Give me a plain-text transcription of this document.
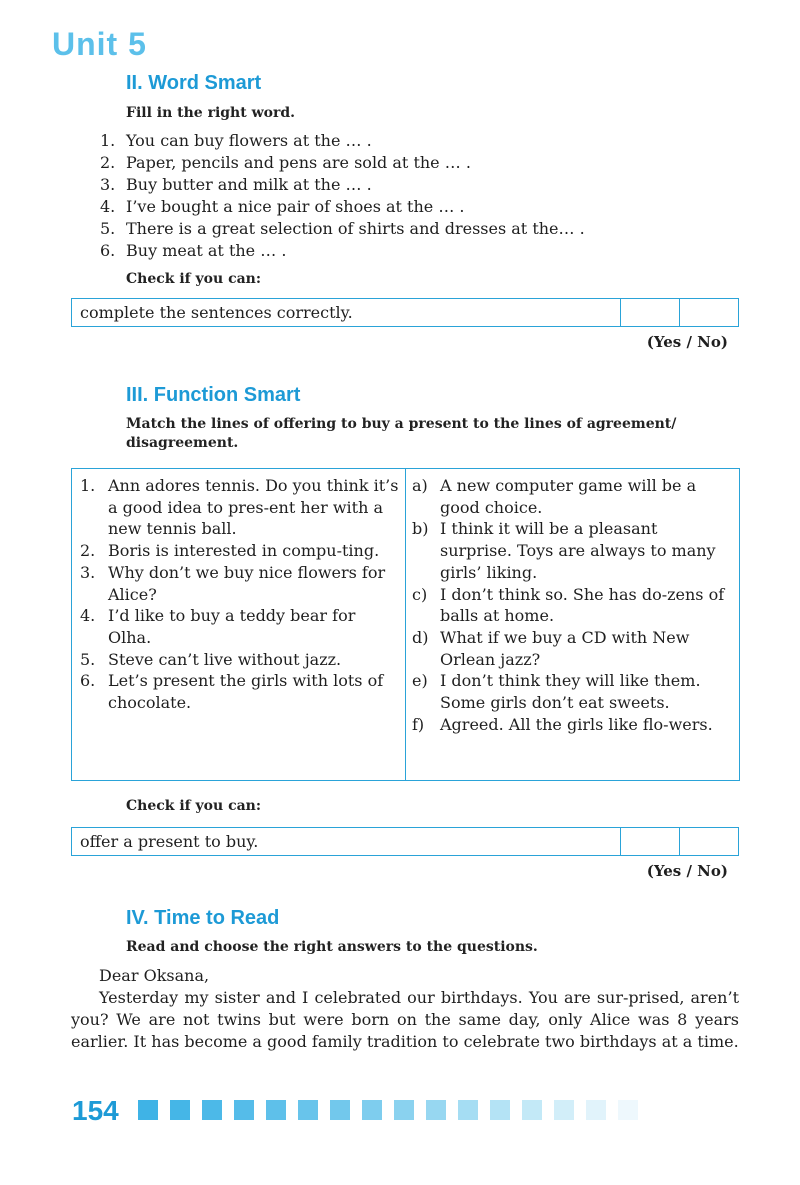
Unit 5
II. Word Smart

Fill in the right word.

1. You can buy flowers at the … .
2. Paper, pencils and pens are sold at the … .
3. Buy butter and milk at the … .
4. I’ve bought a nice pair of shoes at the … .
5. There is a great selection of shirts and dresses at the… .
6. Buy meat at the … .

Check if you can:

complete the sentences correctly.

(Yes / No)

III. Function Smart

Match the lines of offering to buy a present to the lines of agreement/ disagreement.

1. Ann adores tennis. Do you think it’s a good idea to pres-ent her with a new tennis ball.
2. Boris is interested in compu-ting.
3. Why don’t we buy nice flowers for Alice?
4. I’d like to buy a teddy bear for Olha.
5. Steve can’t live without jazz.
6. Let’s present the girls with lots of chocolate.
a) A new computer game will be a good choice.
b) I think it will be a pleasant surprise. Toys are always to many girls’ liking.
c) I don’t think so. She has do-zens of balls at home.
d) What if we buy a CD with New Orlean jazz?
e) I don’t think they will like them. Some girls don’t eat sweets.
f) Agreed. All the girls like flo-wers.

Check if you can:

offer a present to buy.

(Yes / No)

IV. Time to Read

Read and choose the right answers to the questions.

Dear Oksana,

Yesterday my sister and I celebrated our birthdays. You are sur-prised, aren’t you? We are not twins but were born on the same day, only Alice was 8 years earlier. It has become a good family tradition to celebrate two birthdays at a time.

154
